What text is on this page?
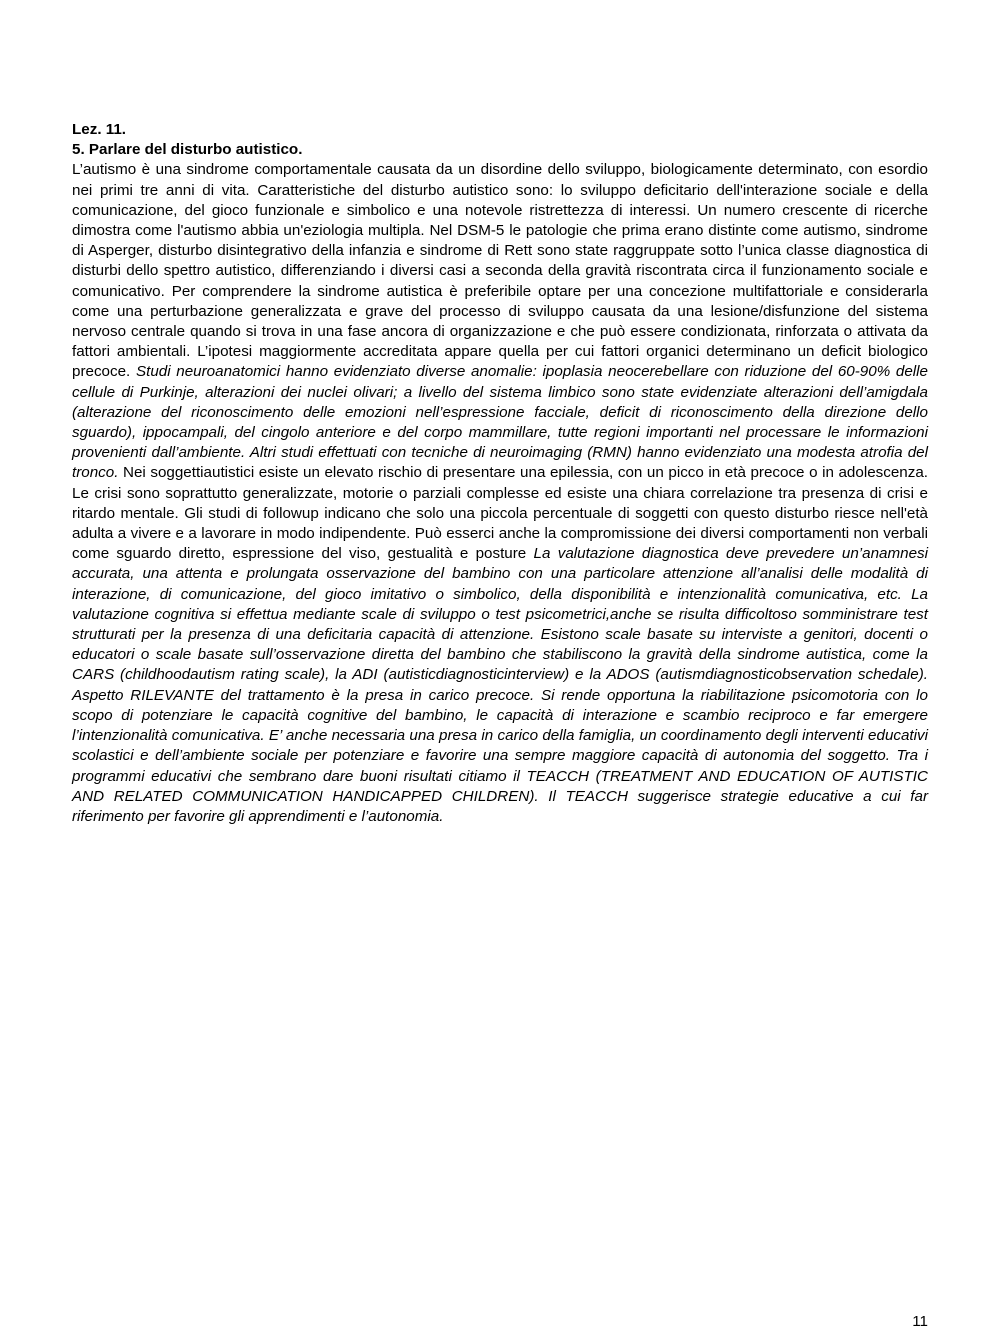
Lez. 11.

5. Parlare del disturbo autistico.

L’autismo è una sindrome comportamentale causata da un disordine dello sviluppo, biologicamente determinato, con esordio nei primi tre anni di vita. Caratteristiche del disturbo autistico sono: lo sviluppo deficitario dell'interazione sociale e della comunicazione, del gioco funzionale e simbolico e una notevole ristrettezza di interessi. Un numero crescente di ricerche dimostra come l'autismo abbia un'eziologia multipla. Nel DSM-5 le patologie che prima erano distinte come autismo, sindrome di Asperger, disturbo disintegrativo della infanzia e sindrome di Rett sono state raggruppate sotto l’unica classe diagnostica di disturbi dello spettro autistico, differenziando i diversi casi a seconda della gravità riscontrata circa il funzionamento sociale e comunicativo. Per comprendere la sindrome autistica è preferibile optare per una concezione multifattoriale e considerarla come una perturbazione generalizzata e grave del processo di sviluppo causata da una lesione/disfunzione del sistema nervoso centrale quando si trova in una fase ancora di organizzazione e che può essere condizionata, rinforzata o attivata da fattori ambientali. L’ipotesi maggiormente accreditata appare quella per cui fattori organici determinano un deficit biologico precoce. Studi neuroanatomici hanno evidenziato diverse anomalie: ipoplasia neocerebellare con riduzione del 60-90% delle cellule di Purkinje, alterazioni dei nuclei olivari; a livello del sistema limbico sono state evidenziate alterazioni dell’amigdala (alterazione del riconoscimento delle emozioni nell’espressione facciale, deficit di riconoscimento della direzione dello sguardo), ippocampali, del cingolo anteriore e del corpo mammillare, tutte regioni importanti nel processare le informazioni provenienti dall’ambiente. Altri studi effettuati con tecniche di neuroimaging (RMN) hanno evidenziato una modesta atrofia del tronco. Nei soggettiautistici esiste un elevato rischio di presentare una epilessia, con un picco in età precoce o in adolescenza. Le crisi sono soprattutto generalizzate, motorie o parziali complesse ed esiste una chiara correlazione tra presenza di crisi e ritardo mentale. Gli studi di followup indicano che solo una piccola percentuale di soggetti con questo disturbo riesce nell'età adulta a vivere e a lavorare in modo indipendente. Può esserci anche la compromissione dei diversi comportamenti non verbali come sguardo diretto, espressione del viso, gestualità e posture La valutazione diagnostica deve prevedere un’anamnesi accurata, una attenta e prolungata osservazione del bambino con una particolare attenzione all’analisi delle modalità di interazione, di comunicazione, del gioco imitativo o simbolico, della disponibilità e intenzionalità comunicativa, etc. La valutazione cognitiva si effettua mediante scale di sviluppo o test psicometrici,anche se risulta difficoltoso somministrare test strutturati per la presenza di una deficitaria capacità di attenzione. Esistono scale basate su interviste a genitori, docenti o educatori o scale basate sull’osservazione diretta del bambino che stabiliscono la gravità della sindrome autistica, come la CARS (childhoodautism rating scale), la ADI (autisticdiagnosticinterview) e la ADOS (autismdiagnosticobservation schedale). Aspetto RILEVANTE del trattamento è la presa in carico precoce. Si rende opportuna la riabilitazione psicomotoria con lo scopo di potenziare le capacità cognitive del bambino, le capacità di interazione e scambio reciproco e far emergere l’intenzionalità comunicativa. E’ anche necessaria una presa in carico della famiglia, un coordinamento degli interventi educativi scolastici e dell’ambiente sociale per potenziare e favorire una sempre maggiore capacità di autonomia del soggetto. Tra i programmi educativi che sembrano dare buoni risultati citiamo il TEACCH (TREATMENT AND EDUCATION OF AUTISTIC AND RELATED COMMUNICATION HANDICAPPED CHILDREN). Il TEACCH suggerisce strategie educative a cui far riferimento per favorire gli apprendimenti e l’autonomia.

11
